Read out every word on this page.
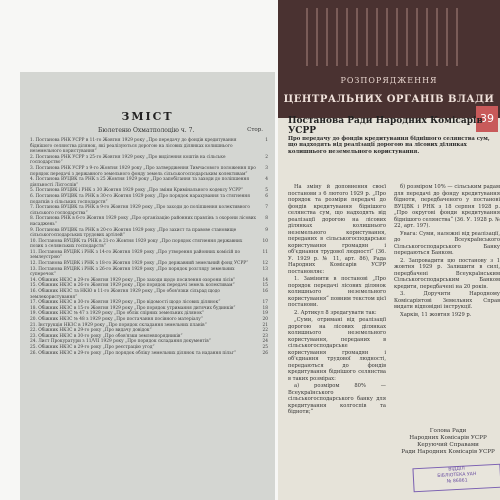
ЗМІСТ
Бюлетеню Охматполоцію ч. 7.	Стор.
1. Постанова РНК УСРР в 11-го Жовтня 1929 року „Про передачу до фондів кредитування біднішого селянства ділянок, які реалізуються дорогою на лісових ділянках колишнього неземельного користування“
1
2. Постанова РНК УСРР з 25-го Жовтня 1929 року „Про виділення коштів на сільське господарство“
2
3. Постанова РНК УСРР з 9-го Жовтня 1929 року „Про затвердження Тимчасового положення про порядок передачі з державного земельного фонду земель сільськогосподарським колективам“
3
4. Постанова ВУЦВК та РНК з 25 Жовтня 1929 року „Про запобігання та заходи до поліпшення діяльності Лісгоспів“
4
5. Постанова ВУЦВК і РНК з 30 Жовтня 1929 року „Про зміни Кримінального кодексу УСРР“	5
6. Постанова ВУЦВК та РНК в 30-го Жовтня 1929 року „Про порядок нарахування та стягнення податків з сільських господарств“
6
7. Постанова ВУЦВК та РНК в 9-го Жовтня 1929 року „Про заходи до поліпшення колективного сільського господарства“
7
8. Постанова РНК в 6-го Жовтня 1929 року „Про організацію районних правлінь з охорони лісових насаджень“
8
9. Постанова ВУЦВК та РНК в 20-го Жовтня 1929 року „Про захист та правове становище сільськогосподарських трудових артілей“
9
10. Постанова ВУЦВК та РНК в 21-го Жовтня 1929 року „Про порядок стягнення державних позик з селянських господарств“
10
11. Постанова ВУЦВК і РНК з 14-го Жовтня 1929 року „Про утворення районних комісій по землеустрою“
11
12. Постанова ВУЦВК і РНК з 18-го Жовтня 1929 року „Про державний земельний фонд УСРР“	12
13. Постанова ВУЦВК і РНК з 26-го Жовтня 1929 року „Про порядок розгляду земельних суперечок“
13
14. Обіжник НКЗС в 29-го Жовтня 1929 року „Про заходи щодо посилення охорони лісів“	14
15. Обіжник НКЗС в 26-го Жовтня 1929 року „Про порядок передачі земель колективам“	15
16. Обіжник НКЗС та НКЮ в 11-го Жовтня 1929 року „Про обов'язки сільрад щодо землекористування“
16
17. Обіжник НКЗС в 30-го Жовтня 1929 року „Про відомості щодо лісових ділянок“	17
18. Обіжник НКЗС в 15-го Жовтня 1929 року „Про порядок утримання дитячих будинків“	18
19. Обіжник НКЗС № 47 з 1929 року „Про облік спірних земельних ділянок“	19
20. Обіжник НКЗС № 48 з 1929 року „Про постачання посівного матеріалу“	20
21. Інструкція НКЗС в 1929 року „Про порядок складання земельних планів“	21
22. Обіжник НКЗС в 29-го року „Про видачу довідок“	22
23. Обіжник НКЗС в 30-го року „Про обов'язки землевпорядників“	23
24. Лист Прокуратури з 11/VII 1929 року „Про порядок складання документів“	24
25. Обіжник НКЗС в 29-го року „Про реєстрацію угод“	25
26. Обіжник НКЗС в 29-го року „Про порядок обліку земельних ділянок та надання пільг“	26
РОЗПОРЯДЖЕННЯ
ЦЕНТРАЛЬНИХ ОРГАНІВ ВЛАДИ
39
Постанова Ради Народних Комісарів УСРР
Про передачу до фондів кредитування біднішого селянства сум, що надходять від реалізації дорогою на лісових ділянках колишнього неземельного користування.

На зміну й доповнення своєї постанови з 6 лютого 1929 р. „Про порядок та розміри передачі до фондів кредитування біднішого селянства сум, що надходять від реалізації дорогою на лісових ділянках колишнього неземельного користування, переданих в сільськогосподарське користування громадян і об'єднання трудової людності“ (36. У. 1929 р. № 11, арт. 86), Рада Народних Комісарів УСРР постановляє:

1. Замінити в постанові „Про порядок передачі лісових ділянок колишнього неземельного користування“ повним текстом цієї постанови.

2. Артикул 8 зредагувати так:

„Суми, отримані від реалізації дорогою на лісових ділянках колишнього неземельного користування, переданих в сільськогосподарське користування громадян і об'єднання трудової людності, передаються до фондів кредитування біднішого селянства в таких розмірах:

а) розміром 80% — Всеукраїнського сільськогосподарського банку для кредитування колгоспів та бідноти;“

б) розміром 10% — сільським радам для передачі до фонду кредитування бідноти, передбаченого у постанові ВУЦВК і РНК з 18 серпня 1928 р. „Про округові фонди кредитування біднішого селянства“ (36. У. 1928 р. № 22, арт. 197).

Увага: Суми, належні від реалізації, до Всеукраїнського Сільськогосподарського Банку передаються Банком.

2. Запровадити цю постанову з 1 жовтня 1929 р. Залишити в силі, передбачені Всеукраїнським Сільськогосподарським Банком кредити, передбачені на 20 років.

3. Доручити Народному Комісаріятові Земельних Справ видати відповідні інструкції.

Харків, 11 жовтня 1929 р.

Голова Ради
Народних Комісарів УСРР
Керуючий Справами
Ради Народних Комісарів УСРР
ВІДДІЛ
БІБЛІОТЕКА УАН
№ 86861
